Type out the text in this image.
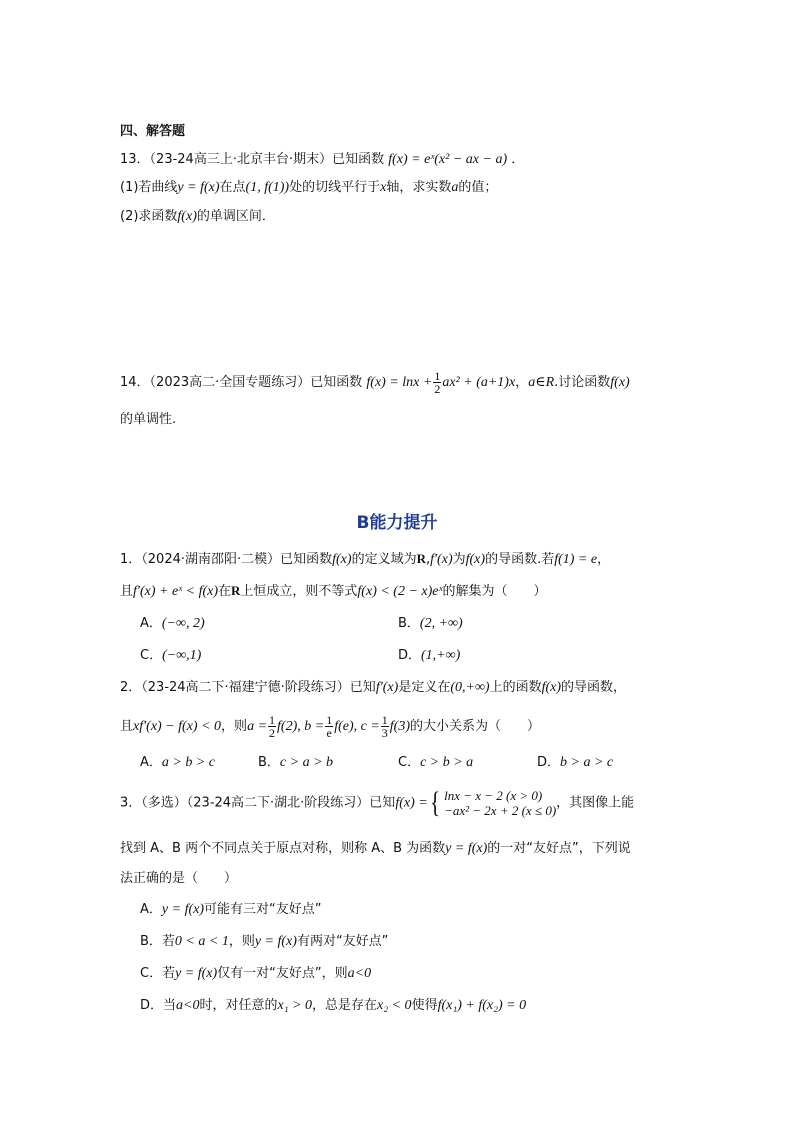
四、解答题
13．（23-24高三上·北京丰台·期末）已知函数 f(x) = eˣ(x² − ax − a) ．
(1)若曲线y = f(x)在点(1, f(1))处的切线平行于x轴，求实数a的值；
(2)求函数f(x)的单调区间．
14．（2023高二·全国专题练习）已知函数 $f(x) = \ln x + \frac{1}{2} ax^2 + (a+1)x$，a∈R.讨论函数f(x)
的单调性.
B能力提升
1．（2024·湖南邵阳·二模）已知函数f(x)的定义域为R,f′(x)为f(x)的导函数.若f(1) = e，
且f′(x) + eˣ < f(x)在R上恒成立，则不等式f(x) < (2 − x)eˣ的解集为（　　）
A．(−∞, 2)	B．(2, +∞)
C．(−∞,1)	D．(1,+∞)
2．（23-24高二下·福建宁德·阶段练习）已知f′(x)是定义在(0,+∞)上的函数f(x)的导函数，
且xf′(x) − f(x) < 0，则$a = \frac{1}{2} f(2)$, $b = \frac{1}{e} f(e)$, $c = \frac{1}{3} f(3)$的大小关系为（　　）
A．a > b > c	B．c > a > b	C．c > b > a	D．b > a > c
3．（多选）（23-24高二下·湖北·阶段练习）已知f(x) ={ lnx − x − 2 (x > 0)
−ax² − 2x + 2 (x ≤ 0) ，其图像上能
找到 A、B 两个不同点关于原点对称，则称 A、B 为函数y = f(x)的一对“友好点”，下列说
法正确的是（　　）
A．y = f(x)可能有三对“友好点”
B．若0 < a < 1，则y = f(x)有两对“友好点”
C．若y = f(x)仅有一对“友好点”，则a<0
D．当a<0时，对任意的x₁ > 0，总是存在x₂ < 0使得f(x₁) + f(x₂) = 0
